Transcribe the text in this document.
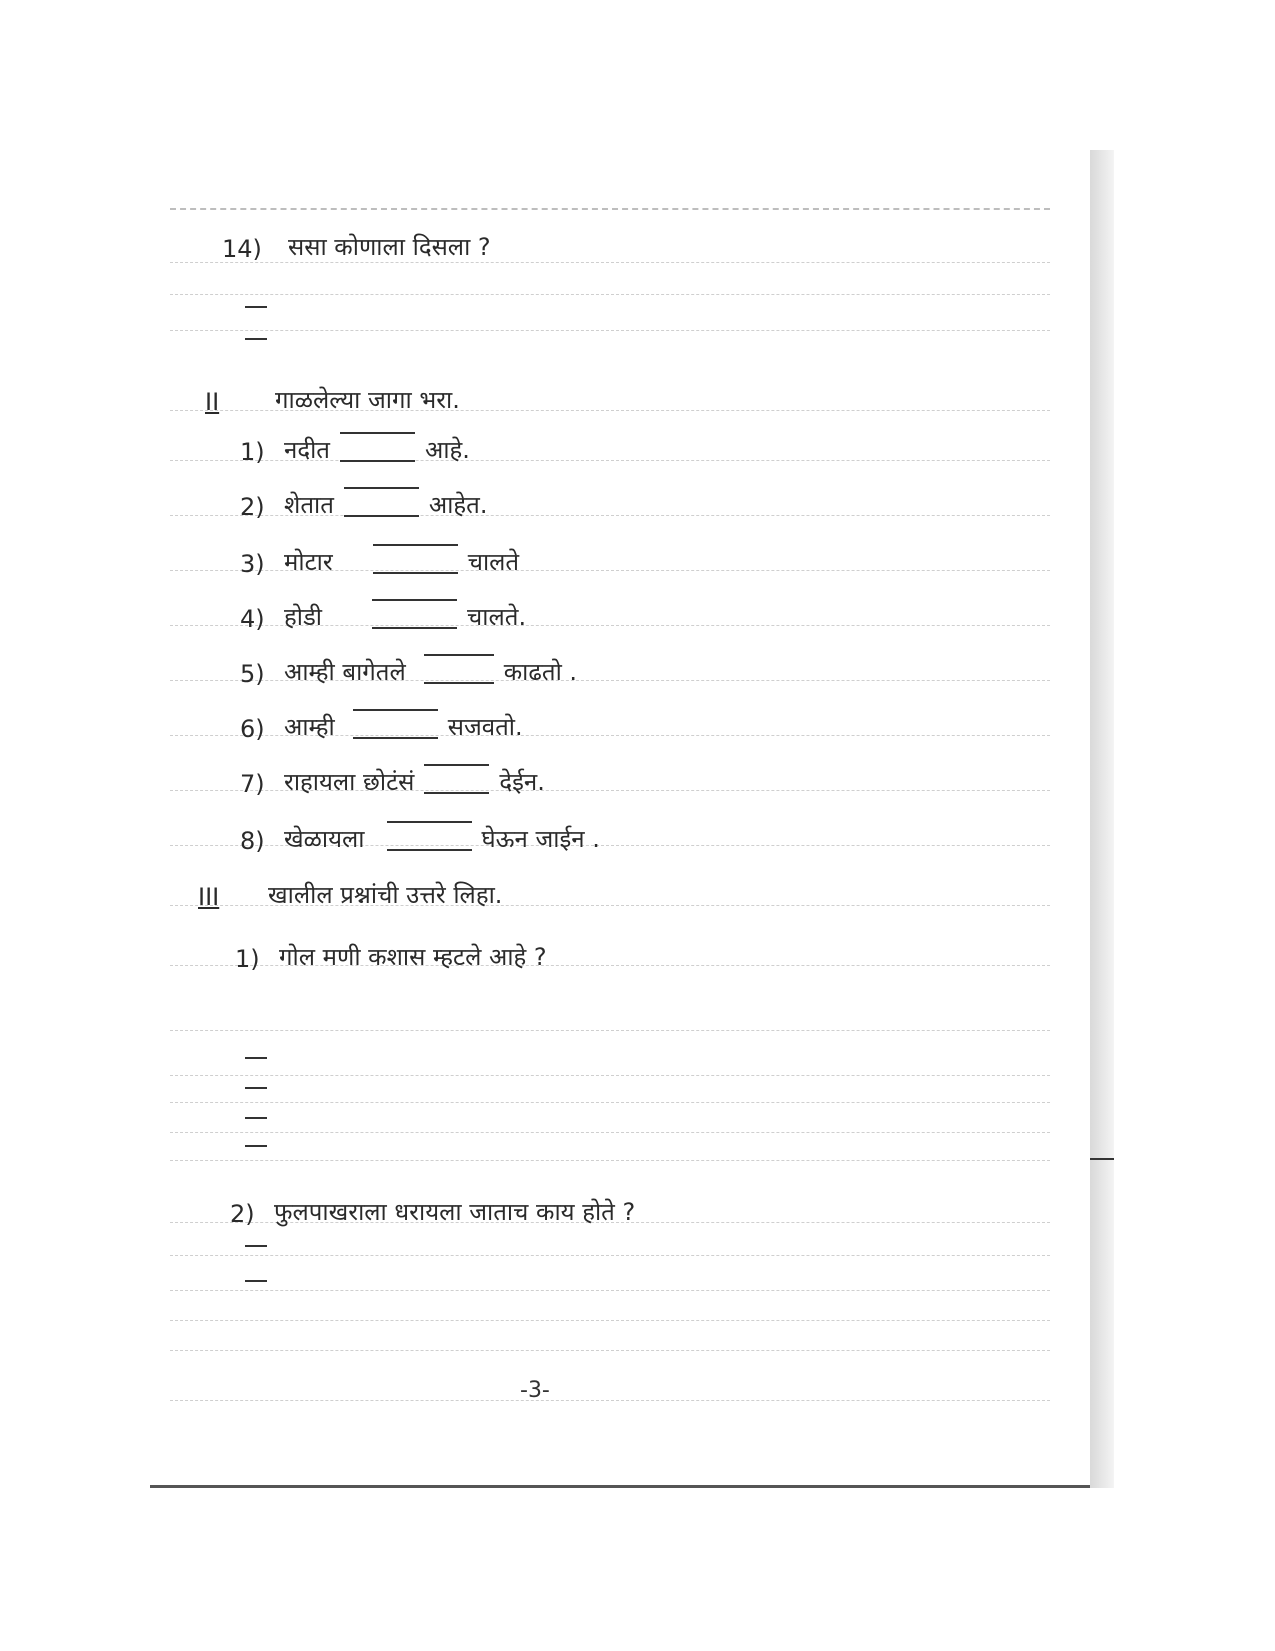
14) ससा कोणाला दिसला ?
II	गाळलेल्या जागा भरा.
1) नदीत	आहे.
2) शेतात	आहेत.
3) मोटार	चालते
4) होडी	चालते.
5) आम्ही बागेतले	काढतो .
6) आम्ही	सजवतो.
7) राहायला छोटंसं	देईन.
8) खेळायला	घेऊन जाईन .
III	खालील प्रश्नांची उत्तरे लिहा.
1) गोल मणी कशास म्हटले आहे ?
2) फुलपाखराला धरायला जाताच काय होते ?
-3-
